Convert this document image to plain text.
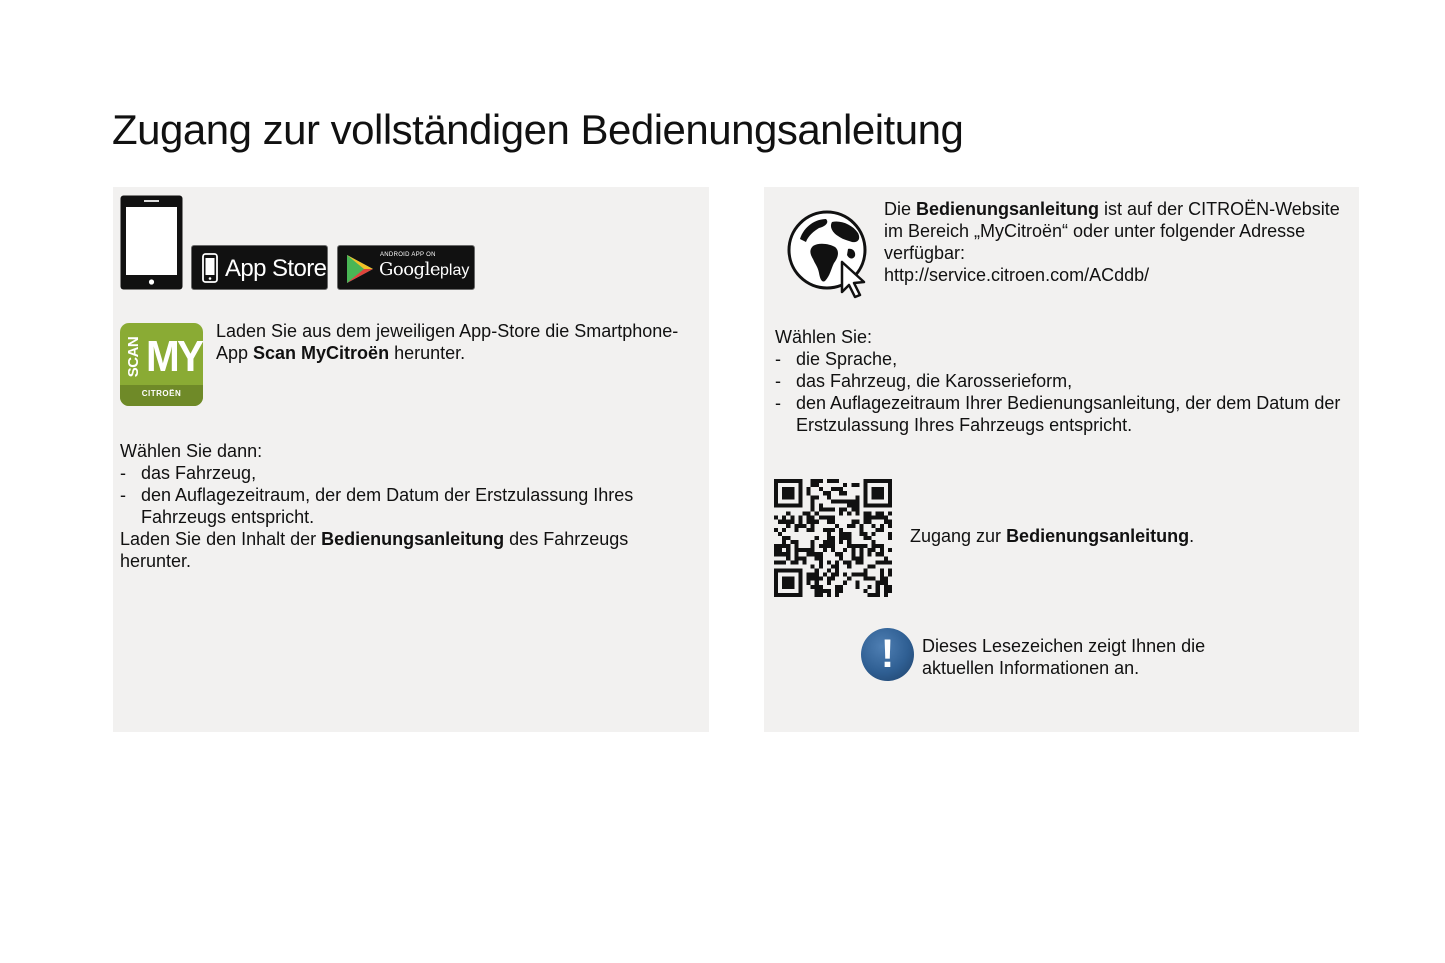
Zugang zur vollständigen Bedienungsanleitung
App Store	ANDROID APP ON
Google play
SCAN MY
CITROËN

Laden Sie aus dem jeweiligen App-Store die Smartphone-App Scan MyCitroën herunter.

Wählen Sie dann:
- das Fahrzeug,
- den Auflagezeitraum, der dem Datum der Erstzulassung Ihres Fahrzeugs entspricht.
Laden Sie den Inhalt der Bedienungsanleitung des Fahrzeugs herunter.

Die Bedienungsanleitung ist auf der CITROËN-Website im Bereich „MyCitroën“ oder unter folgender Adresse verfügbar:
http://service.citroen.com/ACddb/

Wählen Sie:
- die Sprache,
- das Fahrzeug, die Karosserieform,
- den Auflagezeitraum Ihrer Bedienungsanleitung, der dem Datum der Erstzulassung Ihres Fahrzeugs entspricht.

Zugang zur Bedienungsanleitung.

!	Dieses Lesezeichen zeigt Ihnen die aktuellen Informationen an.
